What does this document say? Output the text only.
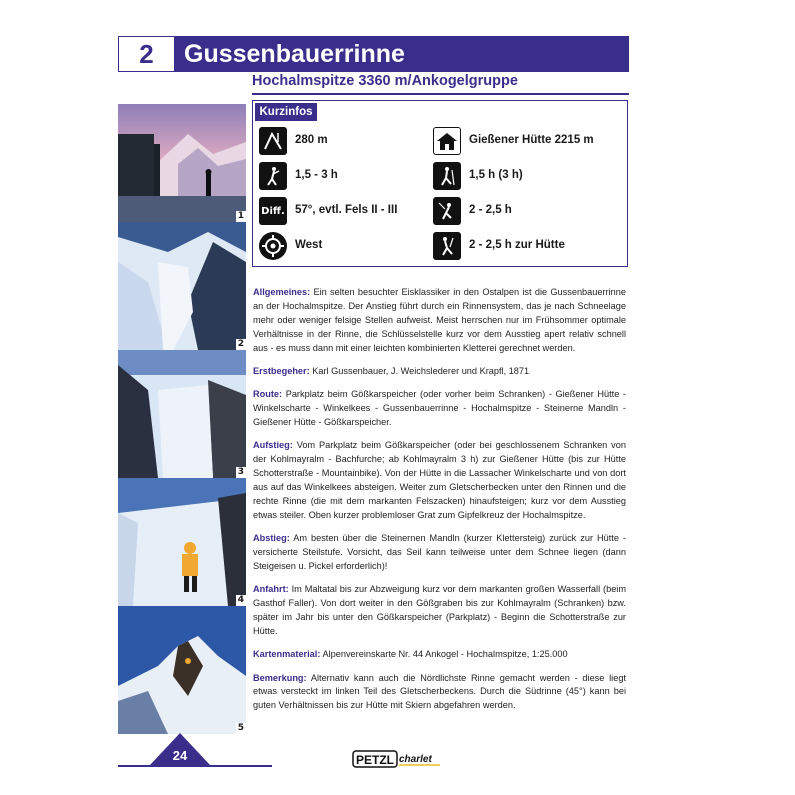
2	Gussenbauerrinne
Hochalmspitze 3360 m/Ankogelgruppe
1
2
3
4
5
Kurzinfos
280 m
1,5 - 3 h
Diff. 57°, evtl. Fels II - III
West
Gießener Hütte 2215 m
1,5 h (3 h)
2 - 2,5 h
2 - 2,5 h zur Hütte

Allgemeines: Ein selten besuchter Eisklassiker in den Ostalpen ist die Gussenbauerrinne an der Hochalmspitze. Der Anstieg führt durch ein Rinnensystem, das je nach Schneelage mehr oder weniger felsige Stellen aufweist. Meist herrschen nur im Frühsommer optimale Verhältnisse in der Rinne, die Schlüsselstelle kurz vor dem Ausstieg apert relativ schnell aus - es muss dann mit einer leichten kombinierten Kletterei gerechnet werden.

Erstbegeher: Karl Gussenbauer, J. Weichslederer und Krapfl, 1871

Route: Parkplatz beim Gößkarspeicher (oder vorher beim Schranken) - Gießener Hütte - Winkelscharte - Winkelkees - Gussenbauerrinne - Hochalmspitze - Steinerne Mandln - Gießener Hütte - Gößkarspeicher.

Aufstieg: Vom Parkplatz beim Gößkarspeicher (oder bei geschlossenem Schranken von der Kohlmayralm - Bachfurche; ab Kohlmayralm 3 h) zur Gießener Hütte (bis zur Hütte Schotterstraße - Mountainbike). Von der Hütte in die Lassacher Winkelscharte und von dort aus auf das Winkelkees absteigen. Weiter zum Gletscherbecken unter den Rinnen und die rechte Rinne (die mit dem markanten Felszacken) hinaufsteigen; kurz vor dem Ausstieg etwas steiler. Oben kurzer problemloser Grat zum Gipfelkreuz der Hochalmspitze.

Abstieg: Am besten über die Steinernen Mandln (kurzer Klettersteig) zurück zur Hütte - versicherte Steilstufe. Vorsicht, das Seil kann teilweise unter dem Schnee liegen (dann Steigeisen u. Pickel erforderlich)!

Anfahrt: Im Maltatal bis zur Abzweigung kurz vor dem markanten großen Wasserfall (beim Gasthof Faller). Von dort weiter in den Gößgraben bis zur Kohlmayralm (Schranken) bzw. später im Jahr bis unter den Gößkarspeicher (Parkplatz) - Beginn die Schotterstraße zur Hütte.

Kartenmaterial: Alpenvereinskarte Nr. 44 Ankogel - Hochalmspitze, 1:25.000

Bemerkung: Alternativ kann auch die Nördlichste Rinne gemacht werden - diese liegt etwas versteckt im linken Teil des Gletscherbeckens. Durch die Südrinne (45°) kann bei guten Verhältnissen bis zur Hütte mit Skiern abgefahren werden.

24	PETZL charlet
